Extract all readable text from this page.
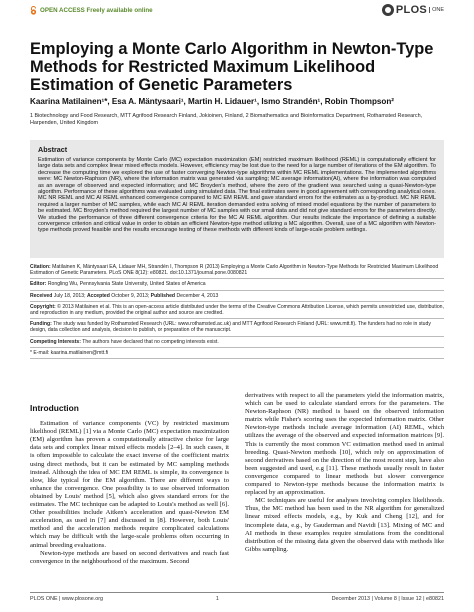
OPEN ACCESS Freely available online	PLOS ONE
Employing a Monte Carlo Algorithm in Newton-Type Methods for Restricted Maximum Likelihood Estimation of Genetic Parameters
Kaarina Matilainen¹*, Esa A. Mäntysaari¹, Martin H. Lidauer¹, Ismo Strandén¹, Robin Thompson²
1 Biotechnology and Food Research, MTT Agrifood Research Finland, Jokioinen, Finland, 2 Biomathematics and Bioinformatics Department, Rothamsted Research, Harpenden, United Kingdom
Abstract
Estimation of variance components by Monte Carlo (MC) expectation maximization (EM) restricted maximum likelihood (REML) is computationally efficient for large data sets and complex linear mixed effects models. However, efficiency may be lost due to the need for a large number of iterations of the EM algorithm. To decrease the computing time we explored the use of faster converging Newton-type algorithms within MC REML implementations. The implemented algorithms were: MC Newton-Raphson (NR), where the information matrix was generated via sampling; MC average information(AI), where the information was computed as an average of observed and expected information; and MC Broyden's method, where the zero of the gradient was searched using a quasi-Newton-type algorithm. Performance of these algorithms was evaluated using simulated data. The final estimates were in good agreement with corresponding analytical ones. MC NR REML and MC AI REML enhanced convergence compared to MC EM REML and gave standard errors for the estimates as a by-product. MC NR REML required a larger number of MC samples, while each MC AI REML iteration demanded extra solving of mixed model equations by the number of parameters to be estimated. MC Broyden's method required the largest number of MC samples with our small data and did not give standard errors for the parameters directly. We studied the performance of three different convergence criteria for the MC AI REML algorithm. Our results indicate the importance of defining a suitable convergence criterion and critical value in order to obtain an efficient Newton-type method utilizing a MC algorithm. Overall, use of a MC algorithm with Newton-type methods proved feasible and the results encourage testing of these methods with different kinds of large-scale problem settings.
Citation: Matilainen K, Mäntysaari EA, Lidauer MH, Strandén I, Thompson R (2013) Employing a Monte Carlo Algorithm in Newton-Type Methods for Restricted Maximum Likelihood Estimation of Genetic Parameters. PLoS ONE 8(12): e80821. doi:10.1371/journal.pone.0080821
Editor: Rongling Wu, Pennsylvania State University, United States of America
Received July 18, 2013; Accepted October 9, 2013; Published December 4, 2013
Copyright: © 2013 Matilainen et al. This is an open-access article distributed under the terms of the Creative Commons Attribution License, which permits unrestricted use, distribution, and reproduction in any medium, provided the original author and source are credited.
Funding: The study was funded by Rothamsted Research (URL: www.rothamsted.ac.uk) and MTT Agrifood Research Finland (URL: www.mtt.fi). The funders had no role in study design, data collection and analysis, decision to publish, or preparation of the manuscript.
Competing Interests: The authors have declared that no competing interests exist.
* E-mail: kaarina.matilainen@mtt.fi
Introduction

Estimation of variance components (VC) by restricted maximum likelihood (REML) [1] via a Monte Carlo (MC) expectation maximization (EM) algorithm has proven a computationally attractive choice for large data sets and complex linear mixed effects models [2–4]. In such cases, it is often impossible to calculate the exact inverse of the coefficient matrix using direct methods, but it can be estimated by MC sampling methods instead. Although the idea of MC EM REML is simple, its convergence is slow, like typical for the EM algorithm. There are different ways to enhance the convergence. One possibility is to use observed information obtained by Louis' method [5], which also gives standard errors for the estimates. The MC technique can be adapted to Louis's method as well [6]. Other possibilities include Aitken's acceleration and quasi-Newton EM acceleration, as used in [7] and discussed in [8]. However, both Louis' method and the acceleration methods require complicated calculations which may be difficult with the large-scale problems often occurring in animal breeding evaluations.

Newton-type methods are based on second derivatives and reach fast convergence in the neighbourhood of the maximum. Second

derivatives with respect to all the parameters yield the information matrix, which can be used to calculate standard errors for the parameters. The Newton-Raphson (NR) method is based on the observed information matrix while Fisher's scoring uses the expected information matrix. Other Newton-type methods include average information (AI) REML, which utilizes the average of the observed and expected information matrices [9]. This is currently the most common VC estimation method used in animal breeding. Quasi-Newton methods [10], which rely on approximation of second derivatives based on the direction of the most recent step, have also been suggested and used, e.g [11]. These methods usually result in faster convergence compared to linear methods but slower convergence compared to Newton-type methods because the information matrix is replaced by an approximation.

MC techniques are useful for analyses involving complex likelihoods. Thus, the MC method has been used in the NR algorithm for generalized linear mixed effects models, e.g., by Kuk and Cheng [12], and for incomplete data, e.g., by Gauderman and Navidi [13]. Mixing of MC and AI methods in these examples require simulations from the conditional distribution of the missing data given the observed data with methods like Gibbs sampling.

PLOS ONE | www.plosone.org	1	December 2013 | Volume 8 | Issue 12 | e80821
